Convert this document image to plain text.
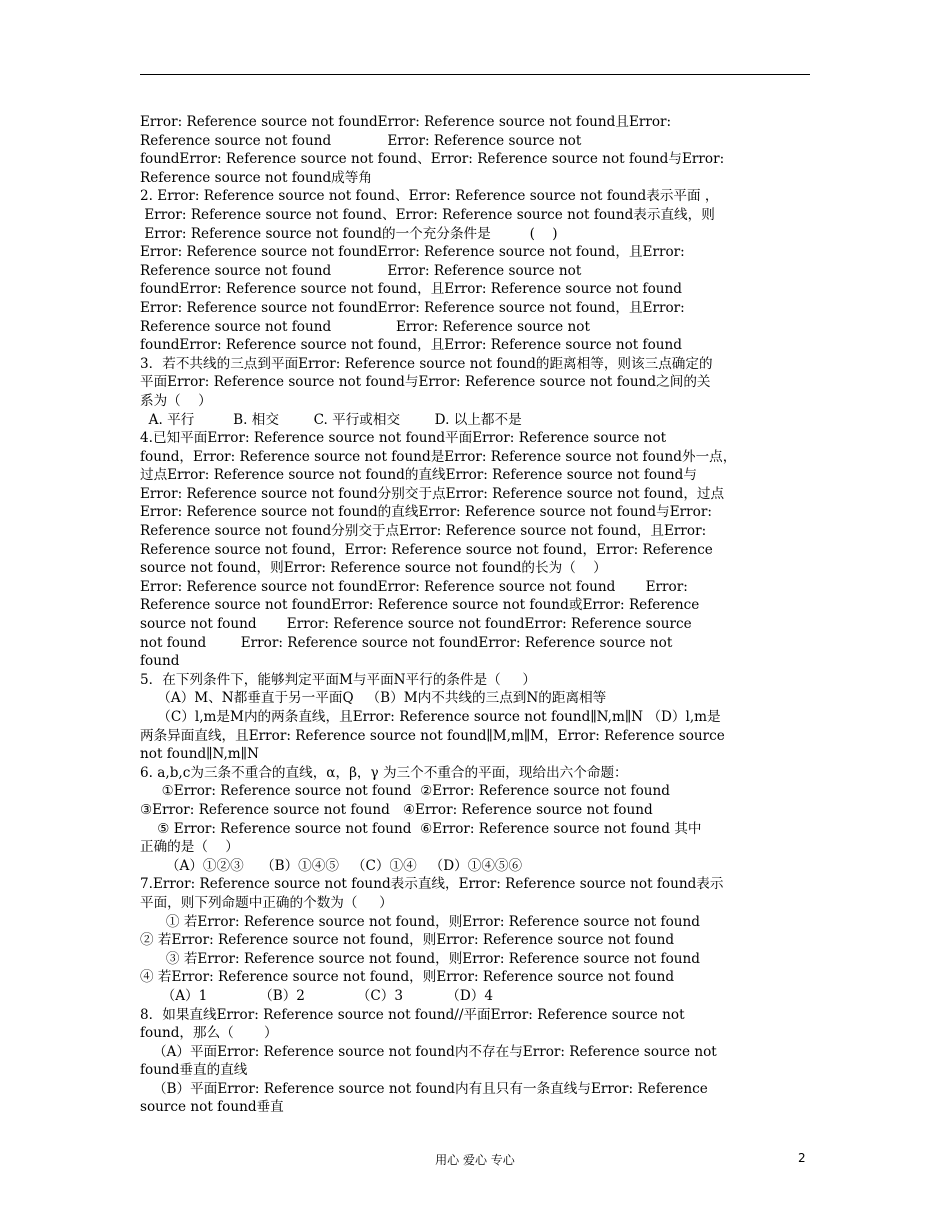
Error: Reference source not foundError: Reference source not found且Error:
Reference source not found             Error: Reference source not
foundError: Reference source not found、Error: Reference source not found与Error:
Reference source not found成等角
2. Error: Reference source not found、Error: Reference source not found表示平面 ，
Error: Reference source not found、Error: Reference source not found表示直线，则
Error: Reference source not found的一个充分条件是         (    )
Error: Reference source not foundError: Reference source not found，且Error:
Reference source not found             Error: Reference source not
foundError: Reference source not found，且Error: Reference source not found
Error: Reference source not foundError: Reference source not found，且Error:
Reference source not found               Error: Reference source not
foundError: Reference source not found，且Error: Reference source not found
3．若不共线的三点到平面Error: Reference source not found的距离相等，则该三点确定的
平面Error: Reference source not found与Error: Reference source not found之间的关
系为（    ）
A. 平行         B. 相交        C. 平行或相交        D. 以上都不是
4.已知平面Error: Reference source not found平面Error: Reference source not
found，Error: Reference source not found是Error: Reference source not found外一点，
过点Error: Reference source not found的直线Error: Reference source not found与
Error: Reference source not found分别交于点Error: Reference source not found，过点
Error: Reference source not found的直线Error: Reference source not found与Error:
Reference source not found分别交于点Error: Reference source not found，且Error:
Reference source not found，Error: Reference source not found，Error: Reference
source not found，则Error: Reference source not found的长为（    ）
Error: Reference source not foundError: Reference source not found       Error:
Reference source not foundError: Reference source not found或Error: Reference
source not found       Error: Reference source not foundError: Reference source
not found        Error: Reference source not foundError: Reference source not
found
5．在下列条件下，能够判定平面M与平面N平行的条件是（     ）
（A）M、N都垂直于另一平面Q   （B）M内不共线的三点到N的距离相等
（C）l,m是M内的两条直线，且Error: Reference source not found∥N,m∥N （D）l,m是
两条异面直线，且Error: Reference source not found∥M,m∥M，Error: Reference source
not found∥N,m∥N
6. a,b,c为三条不重合的直线，α，β，γ 为三个不重合的平面，现给出六个命题：
①Error: Reference source not found  ②Error: Reference source not found
③Error: Reference source not found   ④Error: Reference source not found
⑤ Error: Reference source not found  ⑥Error: Reference source not found 其中
正确的是（    ）
（A）①②③    （B）①④⑤   （C）①④   （D）①④⑤⑥
7.Error: Reference source not found表示直线，Error: Reference source not found表示
平面，则下列命题中正确的个数为（     ）
① 若Error: Reference source not found，则Error: Reference source not found
② 若Error: Reference source not found，则Error: Reference source not found
③ 若Error: Reference source not found，则Error: Reference source not found
④ 若Error: Reference source not found，则Error: Reference source not found
（A）1            （B）2            （C）3          （D）4
8．如果直线Error: Reference source not found//平面Error: Reference source not
found，那么（       ）
（A）平面Error: Reference source not found内不存在与Error: Reference source not
found垂直的直线
（B）平面Error: Reference source not found内有且只有一条直线与Error: Reference
source not found垂直
用心 爱心 专心	2
